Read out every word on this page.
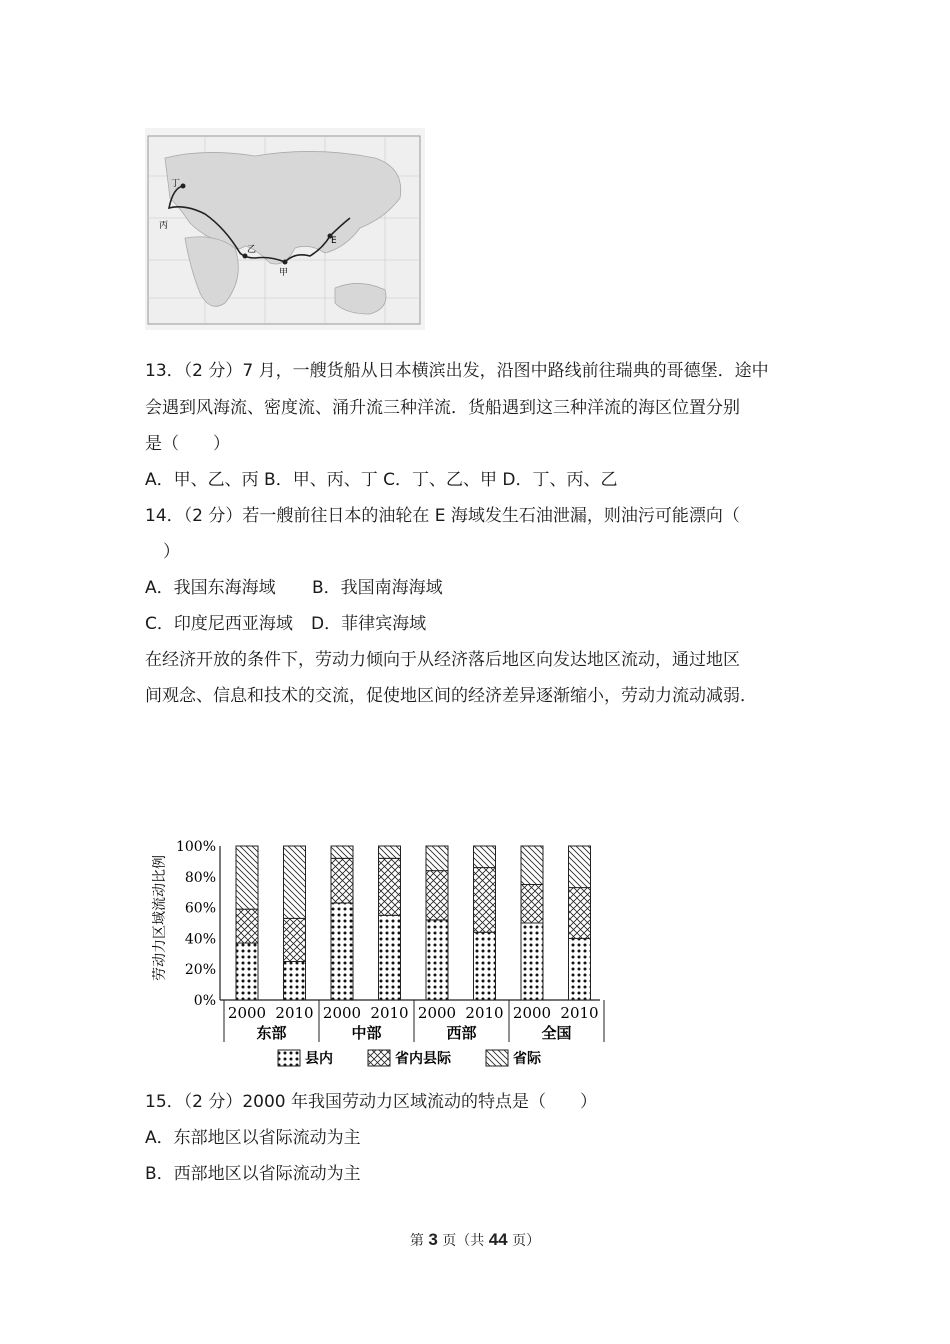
丁
丙
乙
甲
E
13．（2 分）7 月，一艘货船从日本横滨出发，沿图中路线前往瑞典的哥德堡．途中
会遇到风海流、密度流、涌升流三种洋流．货船遇到这三种洋流的海区位置分别
是（　　）
A．甲、乙、丙 B．甲、丙、丁 C．丁、乙、甲 D．丁、丙、乙
14．（2 分）若一艘前往日本的油轮在 E 海域发生石油泄漏，则油污可能漂向（
）
A．我国东海海域 B．我国南海海域
C．印度尼西亚海域 D．菲律宾海域
在经济开放的条件下，劳动力倾向于从经济落后地区向发达地区流动，通过地区
间观念、信息和技术的交流，促使地区间的经济差异逐渐缩小，劳动力流动减弱．
劳动力区域流动比例
0%
20%
40%
60%
80%
100%
2000 2010 2000 2010 2000 2010 2000 2010
东部	中部	西部	全国
县内	省内县际	省际
15．（2 分）2000 年我国劳动力区域流动的特点是（　　）
A．东部地区以省际流动为主
B．西部地区以省际流动为主
第 3 页（共 44 页）
